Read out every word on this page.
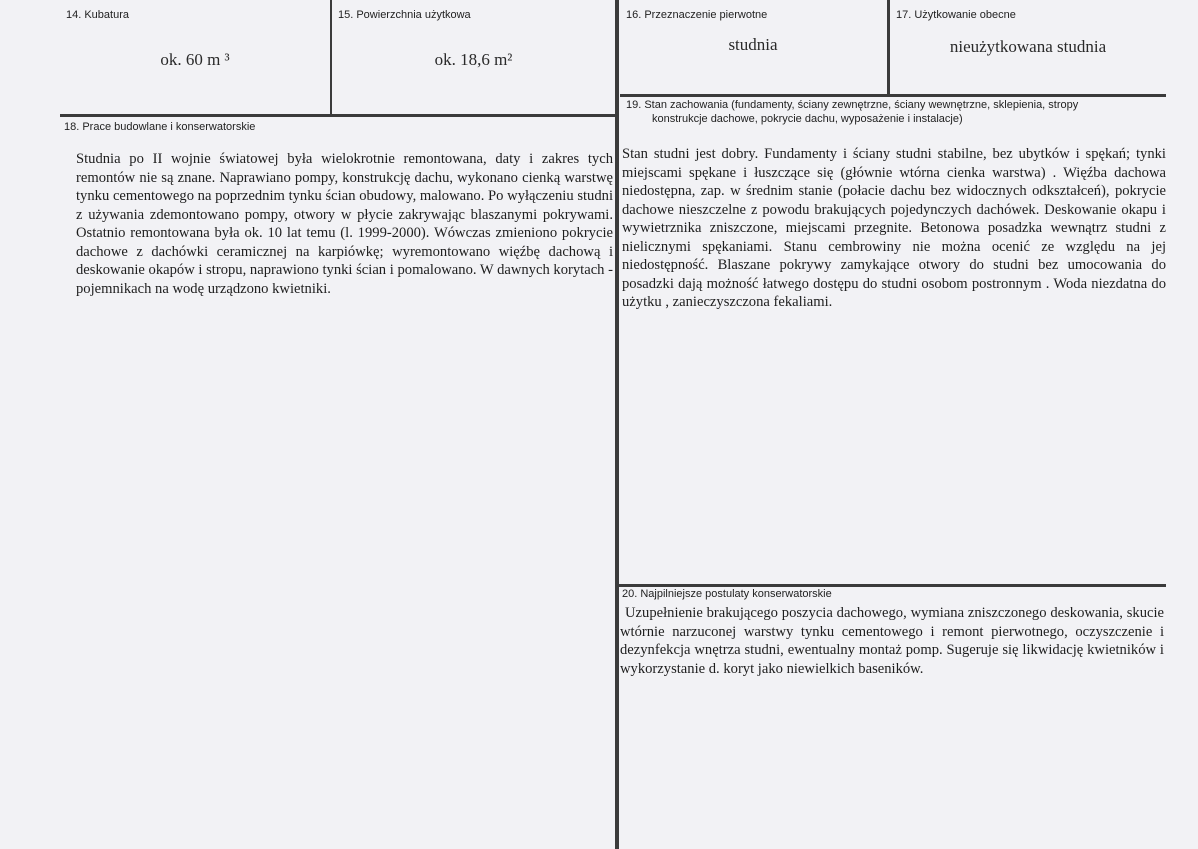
14. Kubatura
ok. 60 m ³
15. Powierzchnia użytkowa
ok. 18,6 m²
16. Przeznaczenie pierwotne
studnia
17. Użytkowanie obecne
nieużytkowana studnia
18. Prace budowlane i konserwatorskie
Studnia po II wojnie światowej była wielokrotnie remontowana, daty i zakres tych remontów nie są znane. Naprawiano pompy, konstrukcję dachu, wykonano cienką warstwę tynku cementowego na poprzednim tynku ścian obudowy, malowano. Po wyłączeniu studni z używania zdemontowano pompy, otwory w płycie zakrywając blaszanymi pokrywami. Ostatnio remontowana była ok. 10 lat temu (l. 1999-2000). Wówczas zmieniono pokrycie dachowe z dachówki ceramicznej na karpiówkę; wyremontowano więźbę dachową i deskowanie okapów i stropu, naprawiono tynki ścian i pomalowano. W dawnych korytach - pojemnikach na wodę urządzono kwietniki.
19. Stan zachowania (fundamenty, ściany zewnętrzne, ściany wewnętrzne, sklepienia, stropy
konstrukcje dachowe, pokrycie dachu, wyposażenie i instalacje)
Stan studni jest dobry. Fundamenty i ściany studni stabilne, bez ubytków i spękań; tynki miejscami spękane i łuszczące się (głównie wtórna cienka warstwa) . Więźba dachowa niedostępna, zap. w średnim stanie (połacie dachu bez widocznych odkształceń), pokrycie dachowe nieszczelne z powodu brakujących pojedynczych dachówek. Deskowanie okapu i wywietrznika zniszczone, miejscami przegnite. Betonowa posadzka wewnątrz studni z nielicznymi spękaniami. Stanu cembrowiny nie można ocenić ze względu na jej niedostępność. Blaszane pokrywy zamykające otwory do studni bez umocowania do posadzki dają możność łatwego dostępu do studni osobom postronnym . Woda niezdatna do użytku , zanieczyszczona fekaliami.
20. Najpilniejsze postulaty konserwatorskie
Uzupełnienie brakującego poszycia dachowego, wymiana zniszczonego deskowania, skucie wtórnie narzuconej warstwy tynku cementowego i remont pierwotnego, oczyszczenie i dezynfekcja wnętrza studni, ewentualny montaż pomp. Sugeruje się likwidację kwietników i wykorzystanie d. koryt jako niewielkich baseników.
